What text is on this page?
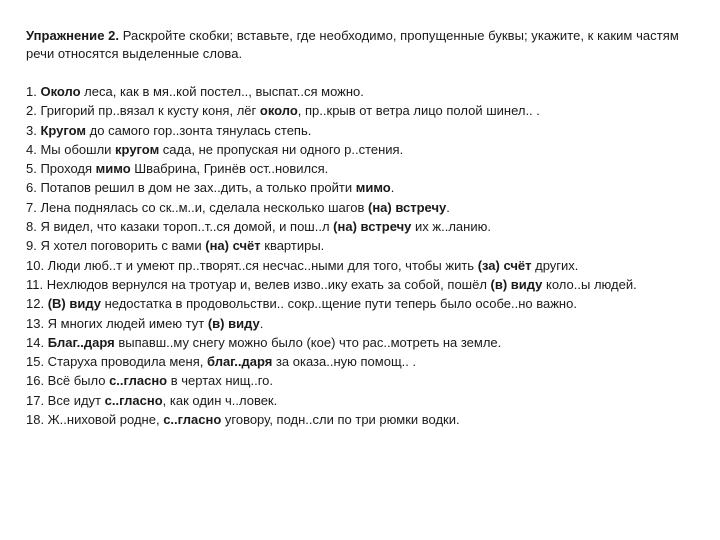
Упражнение 2. Раскройте скобки; вставьте, где необходимо, пропущенные буквы; укажите, к каким частям речи относятся выделенные слова.
1. Около леса, как в мя..кой постел.., выспат..ся можно.
2. Григорий пр..вязал к кусту коня, лёг около, пр..крыв от ветра лицо полой шинел.. .
3. Кругом до самого гор..зонта тянулась степь.
4. Мы обошли кругом сада, не пропуская ни одного р..стения.
5. Проходя мимо Швабрина, Гринёв ост..новился.
6. Потапов решил в дом не зах..дить, а только пройти мимо.
7. Лена поднялась со ск..м..и, сделала несколько шагов (на) встречу.
8. Я видел, что казаки тороп..т..ся домой, и пош..л (на) встречу их ж..ланию.
9. Я хотел поговорить с вами (на) счёт квартиры.
10. Люди люб..т и умеют пр..творят..ся несчас..ными для того, чтобы жить (за) счёт других.
11. Нехлюдов вернулся на тротуар и, велев изво..ику ехать за собой, пошёл (в) виду коло..ы людей.
12. (В) виду недостатка в продовольстви.. сокр..щение пути теперь было особе..но важно.
13. Я многих людей имею тут (в) виду.
14. Благ..даря выпавш..му снегу можно было (кое) что рас..мотреть на земле.
15. Старуха проводила меня, благ..даря за оказа..ную помощ.. .
16. Всё было с..гласно в чертах нищ..го.
17. Все идут с..гласно, как один ч..ловек.
18. Ж..ниховой родне, с..гласно уговору, подн..сли по три рюмки водки.
